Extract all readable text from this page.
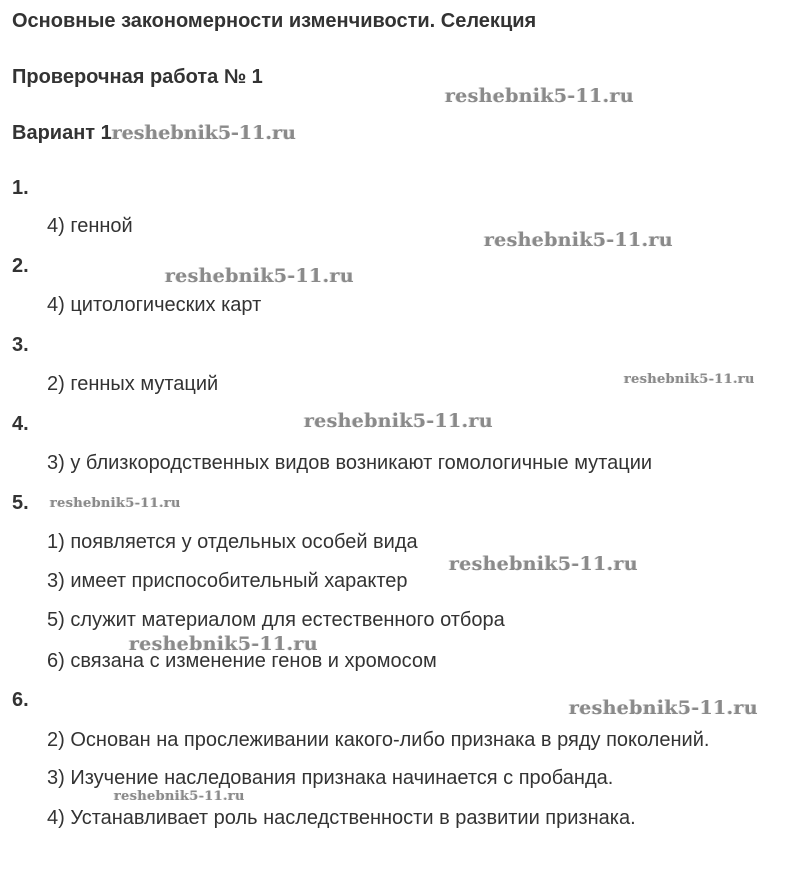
Основные закономерности изменчивости. Селекция
Проверочная работа № 1
Вариант 1reshebnik5-11.ru
1.
4) генной
2.
4) цитологических карт
3.
2) генных мутаций
4.
3) у близкородственных видов возникают гомологичные мутации
5.
1) появляется у отдельных особей вида
3) имеет приспособительный характер
5) служит материалом для естественного отбора
6) связана с изменение генов и хромосом
6.
2) Основан на прослеживании какого-либо признака в ряду поколений.
3) Изучение наследования признака начинается с пробанда.
4) Устанавливает роль наследственности в развитии признака.
reshebnik5-11.ru
reshebnik5-11.ru
reshebnik5-11.ru
reshebnik5-11.ru
reshebnik5-11.ru
reshebnik5-11.ru
reshebnik5-11.ru
reshebnik5-11.ru
reshebnik5-11.ru
reshebnik5-11.ru
